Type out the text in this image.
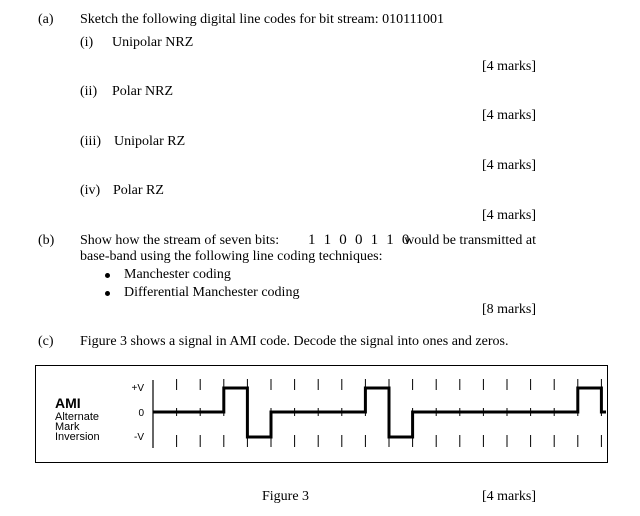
(a) Sketch the following digital line codes for bit stream: 010111001
(i) Unipolar NRZ
[4 marks]
(ii) Polar NRZ
[4 marks]
(iii) Unipolar RZ
[4 marks]
(iv) Polar RZ
[4 marks]
(b) Show how the stream of seven bits: 1 1 0 0 1 1 0
would be transmitted at
base-band using the following line coding techniques:
Manchester coding
Differential Manchester coding
[8 marks]
(c) Figure 3 shows a signal in AMI code. Decode the signal into ones and zeros.
AMI
Alternate
Mark
Inversion
+V
0
-V
Figure 3	[4 marks]
